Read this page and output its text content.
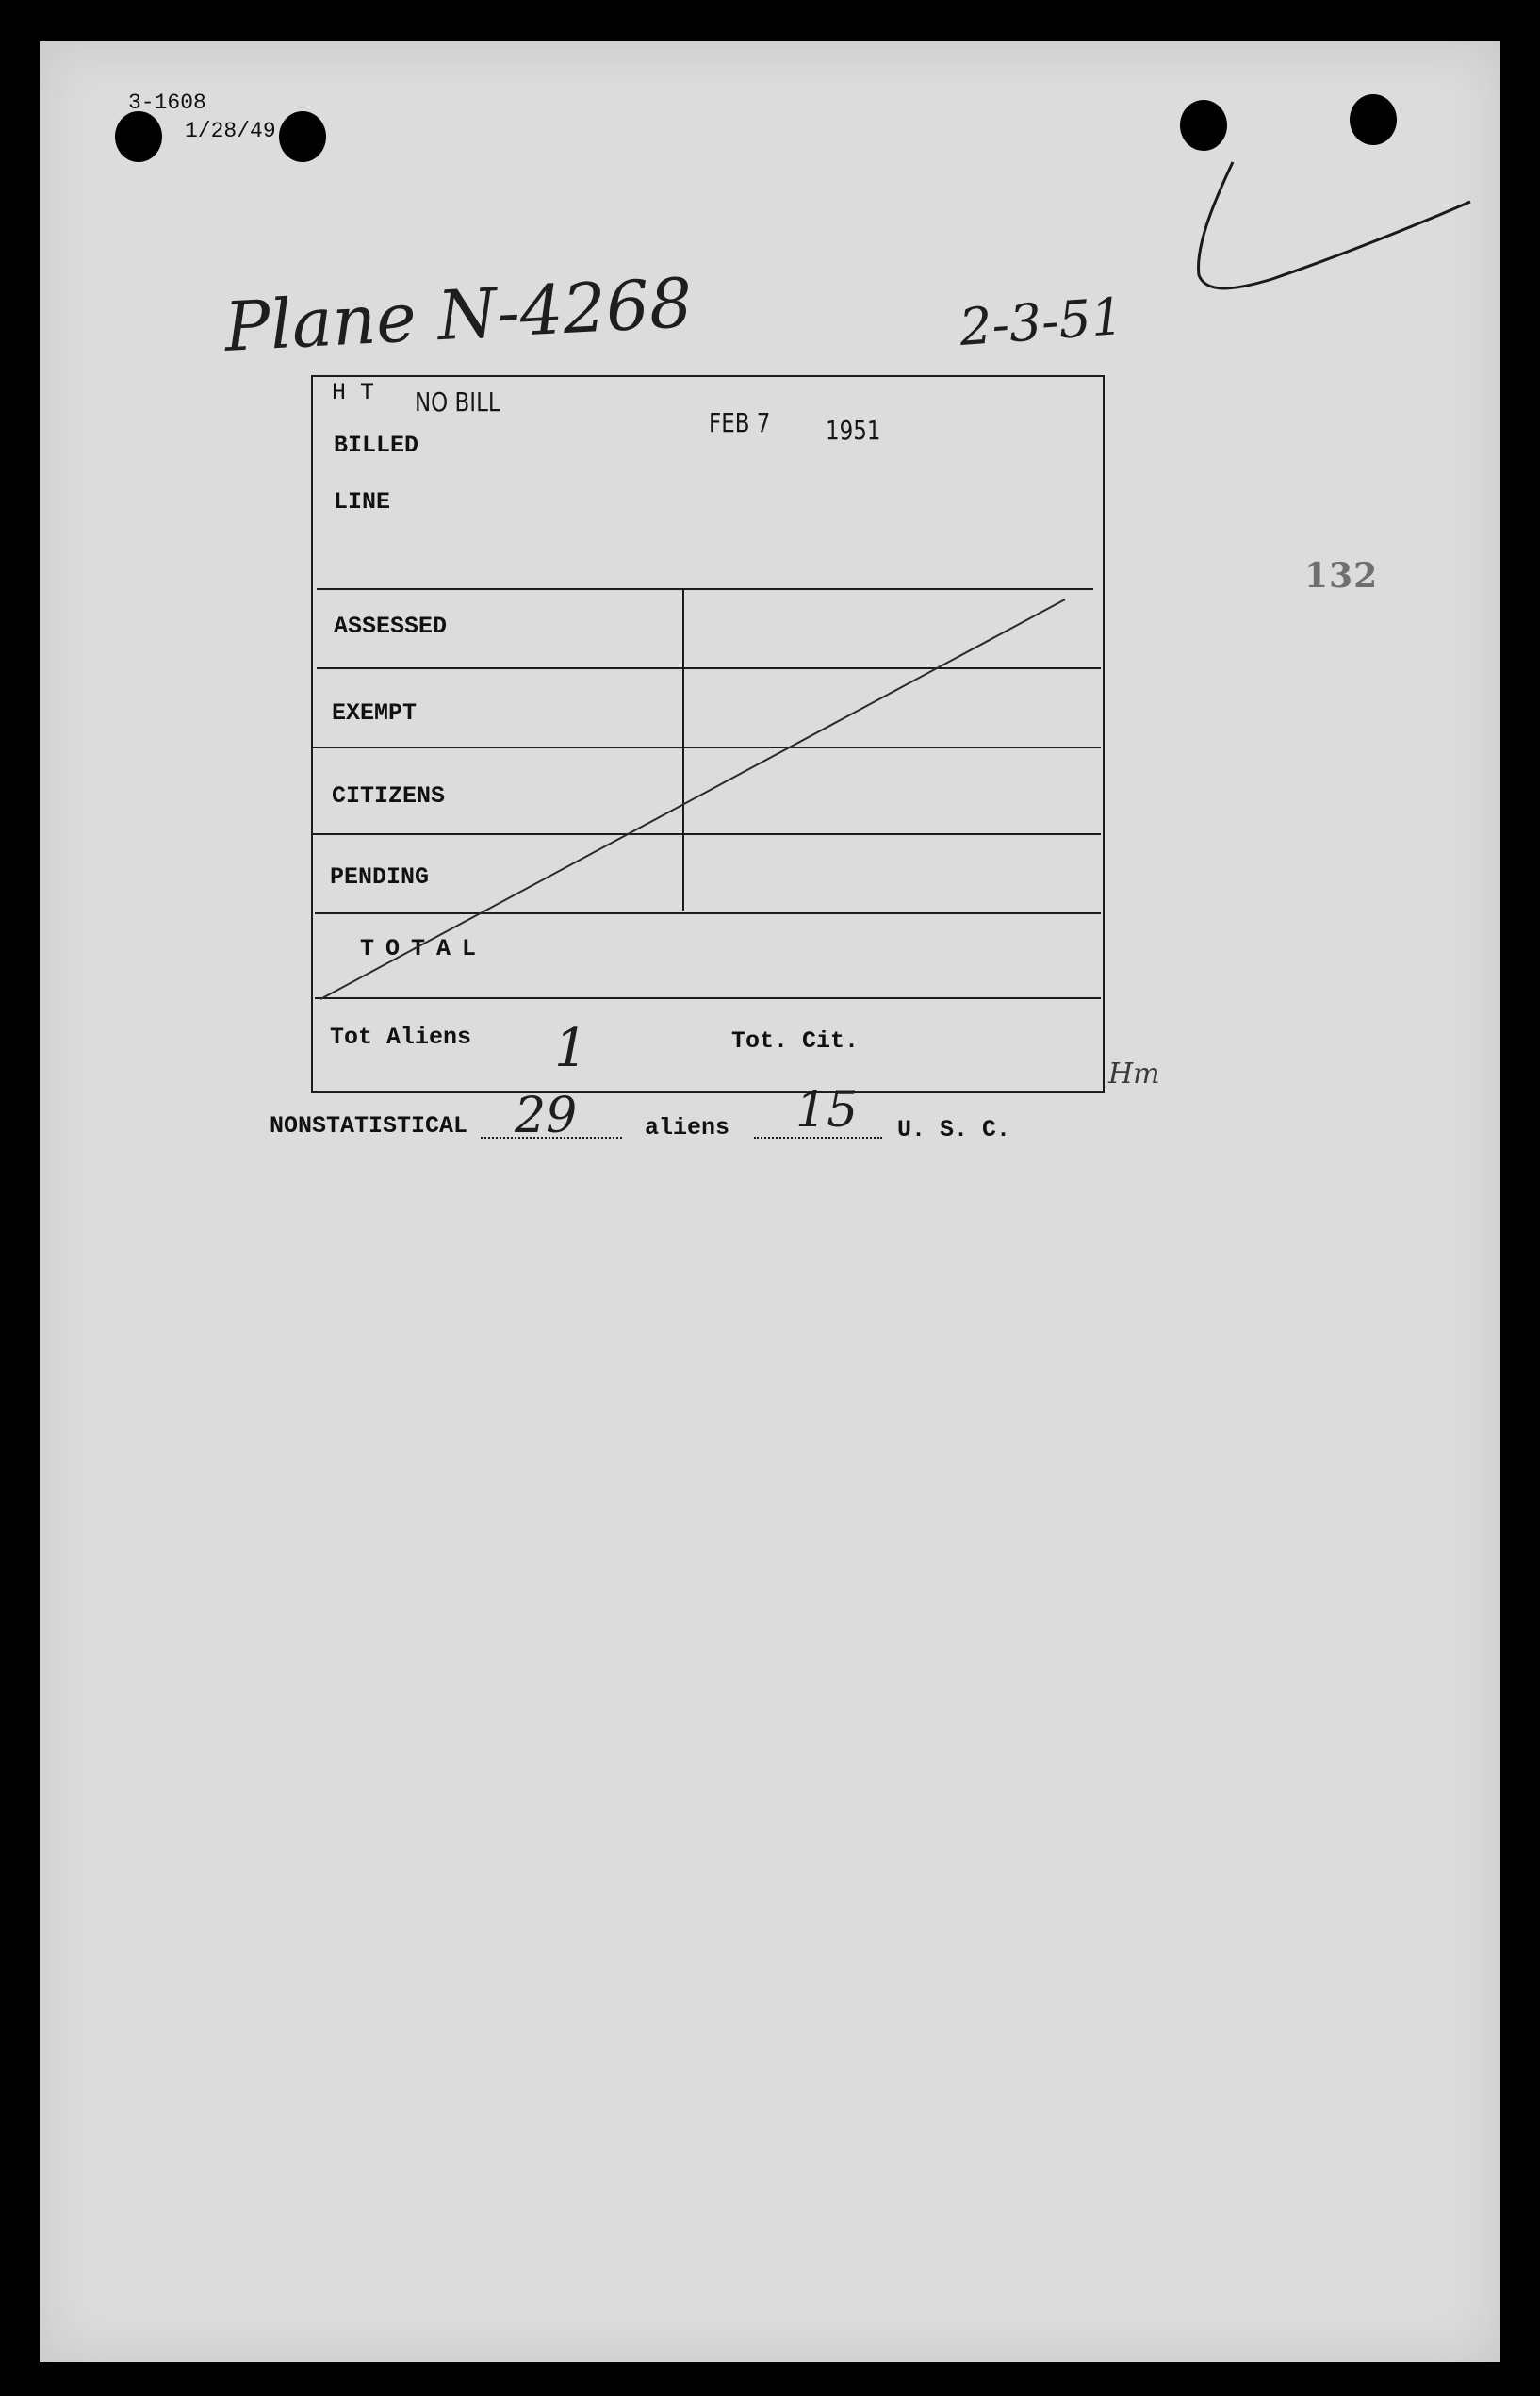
3-1608
1/28/49
Plane N-4268	2-3-51
132
H T NO BILL
FEB 7 1951
BILLED
LINE
ASSESSED
EXEMPT
CITIZENS
PENDING
TOTAL
Tot Aliens 1	Tot. Cit.
Hm
NONSTATISTICAL 29	aliens 15 U. S. C.
